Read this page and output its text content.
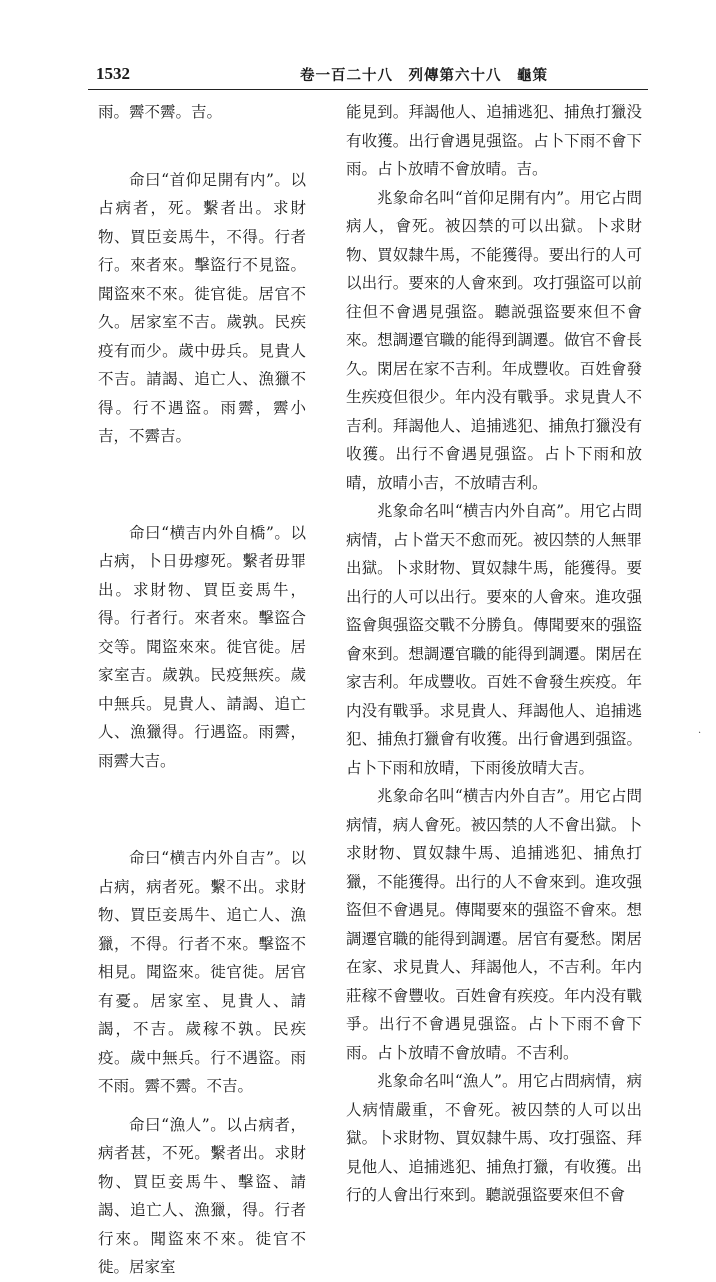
1532	卷一百二十八　列傳第六十八　龜策

雨。霽不霽。吉。

命曰“首仰足開有内”。以占病者，死。繫者出。求財物、買臣妾馬牛，不得。行者行。來者來。擊盜行不見盜。聞盜來不來。徙官徙。居官不久。居家室不吉。歲孰。民疾疫有而少。歲中毋兵。見貴人不吉。請謁、追亡人、漁獵不得。行不遇盜。雨霽，霽小吉，不霽吉。

命曰“横吉内外自橋”。以占病，卜日毋瘳死。繫者毋罪出。求財物、買臣妾馬牛，得。行者行。來者來。擊盜合交等。聞盜來來。徙官徙。居家室吉。歲孰。民疫無疾。歲中無兵。見貴人、請謁、追亡人、漁獵得。行遇盜。雨霽，雨霽大吉。

命曰“横吉内外自吉”。以占病，病者死。繫不出。求財物、買臣妾馬牛、追亡人、漁獵，不得。行者不來。擊盜不相見。聞盜來。徙官徙。居官有憂。居家室、見貴人、請謁，不吉。歲稼不孰。民疾疫。歲中無兵。行不遇盜。雨不雨。霽不霽。不吉。

命曰“漁人”。以占病者，病者甚，不死。繫者出。求財物、買臣妾馬牛、擊盜、請謁、追亡人、漁獵，得。行者行來。聞盜來不來。徙官不徙。居家室

能見到。拜謁他人、追捕逃犯、捕魚打獵没有收獲。出行會遇見强盜。占卜下雨不會下雨。占卜放晴不會放晴。吉。

兆象命名叫“首仰足開有内”。用它占問病人，會死。被囚禁的可以出獄。卜求財物、買奴隸牛馬，不能獲得。要出行的人可以出行。要來的人會來到。攻打强盜可以前往但不會遇見强盜。聽説强盜要來但不會來。想調遷官職的能得到調遷。做官不會長久。閑居在家不吉利。年成豐收。百姓會發生疾疫但很少。年内没有戰爭。求見貴人不吉利。拜謁他人、追捕逃犯、捕魚打獵没有收獲。出行不會遇見强盜。占卜下雨和放晴，放晴小吉，不放晴吉利。

兆象命名叫“横吉内外自高”。用它占問病情，占卜當天不愈而死。被囚禁的人無罪出獄。卜求財物、買奴隸牛馬，能獲得。要出行的人可以出行。要來的人會來。進攻强盜會與强盜交戰不分勝負。傳聞要來的强盜會來到。想調遷官職的能得到調遷。閑居在家吉利。年成豐收。百姓不會發生疾疫。年内没有戰爭。求見貴人、拜謁他人、追捕逃犯、捕魚打獵會有收獲。出行會遇到强盜。占卜下雨和放晴，下雨後放晴大吉。

兆象命名叫“横吉内外自吉”。用它占問病情，病人會死。被囚禁的人不會出獄。卜求財物、買奴隸牛馬、追捕逃犯、捕魚打獵，不能獲得。出行的人不會來到。進攻强盜但不會遇見。傳聞要來的强盜不會來。想調遷官職的能得到調遷。居官有憂愁。閑居在家、求見貴人、拜謁他人，不吉利。年内莊稼不會豐收。百姓會有疾疫。年内没有戰爭。出行不會遇見强盜。占卜下雨不會下雨。占卜放晴不會放晴。不吉利。

兆象命名叫“漁人”。用它占問病情，病人病情嚴重，不會死。被囚禁的人可以出獄。卜求財物、買奴隸牛馬、攻打强盜、拜見他人、追捕逃犯、捕魚打獵，有收獲。出行的人會出行來到。聽説强盜要來但不會

·
